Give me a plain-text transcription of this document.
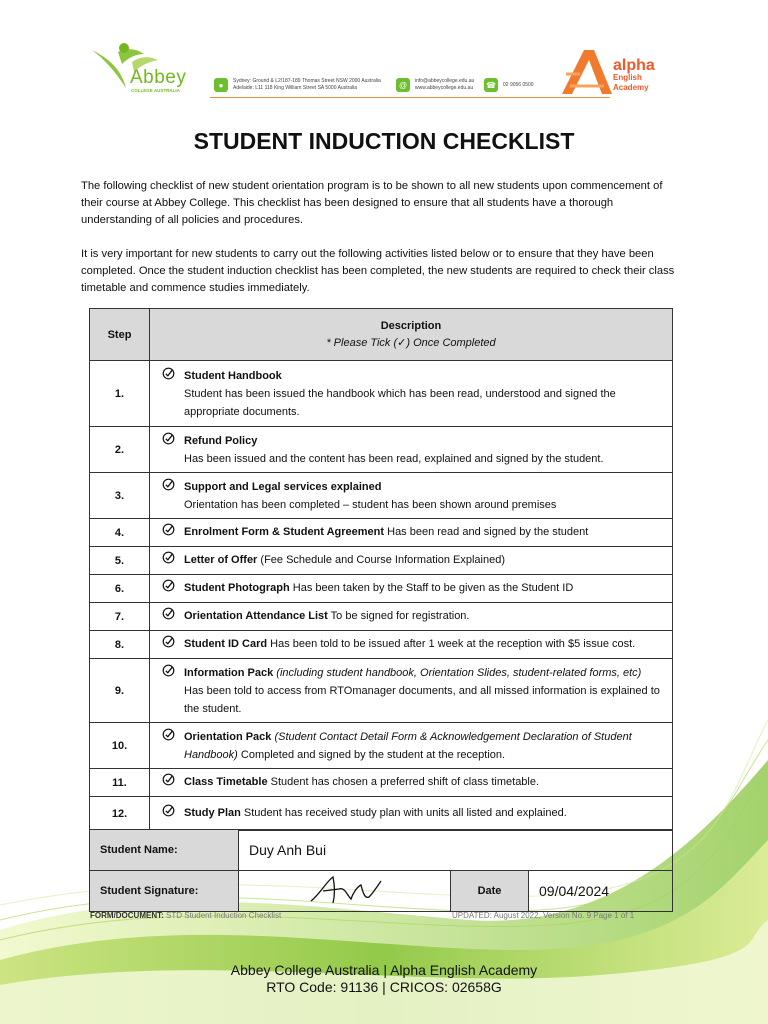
Abbey
COLLEGE AUSTRALIA
●	Sydney: Ground & L2/187-189 Thomas Street NSW 2000 Australia
Adelaide: L11 118 King William Street SA 5000 Australia	@	info@abbeycollege.edu.au
www.abbeycollege.edu.au ☎	02 9056 0500
alpha
English
Academy
STUDENT INDUCTION CHECKLIST
The following checklist of new student orientation program is to be shown to all new students upon commencement of their course at Abbey College. This checklist has been designed to ensure that all students have a thorough understanding of all policies and procedures.
It is very important for new students to carry out the following activities listed below or to ensure that they have been completed. Once the student induction checklist has been completed, the new students are required to check their class timetable and commence studies immediately.
Step	Description
* Please Tick (✓) Once Completed

1.	Student Handbook
Student has been issued the handbook which has been read, understood and signed the appropriate documents.

2.	Refund Policy
Has been issued and the content has been read, explained and signed by the student.

3.	Support and Legal services explained
Orientation has been completed – student has been shown around premises

4.	Enrolment Form & Student Agreement Has been read and signed by the student

5.	Letter of Offer (Fee Schedule and Course Information Explained)

6.	Student Photograph Has been taken by the Staff to be given as the Student ID

7.	Orientation Attendance List To be signed for registration.

8.	Student ID Card Has been told to be issued after 1 week at the reception with $5 issue cost.

9.	Information Pack (including student handbook, Orientation Slides, student-related forms, etc)
Has been told to access from RTOmanager documents, and all missed information is explained to the student.

10.	Orientation Pack (Student Contact Detail Form & Acknowledgement Declaration of Student Handbook) Completed and signed by the student at the reception.

11.	Class Timetable Student has chosen a preferred shift of class timetable.

12.	Study Plan Student has received study plan with units all listed and explained.
Student Name:	Duy Anh Bui		
Student Signature:		Date	09/04/2024
FORM/DOCUMENT: STD Student Induction Checklist	UPDATED: August 2022, Version No. 9 Page 1 of 1
Abbey College Australia | Alpha English Academy
RTO Code: 91136 | CRICOS: 02658G
